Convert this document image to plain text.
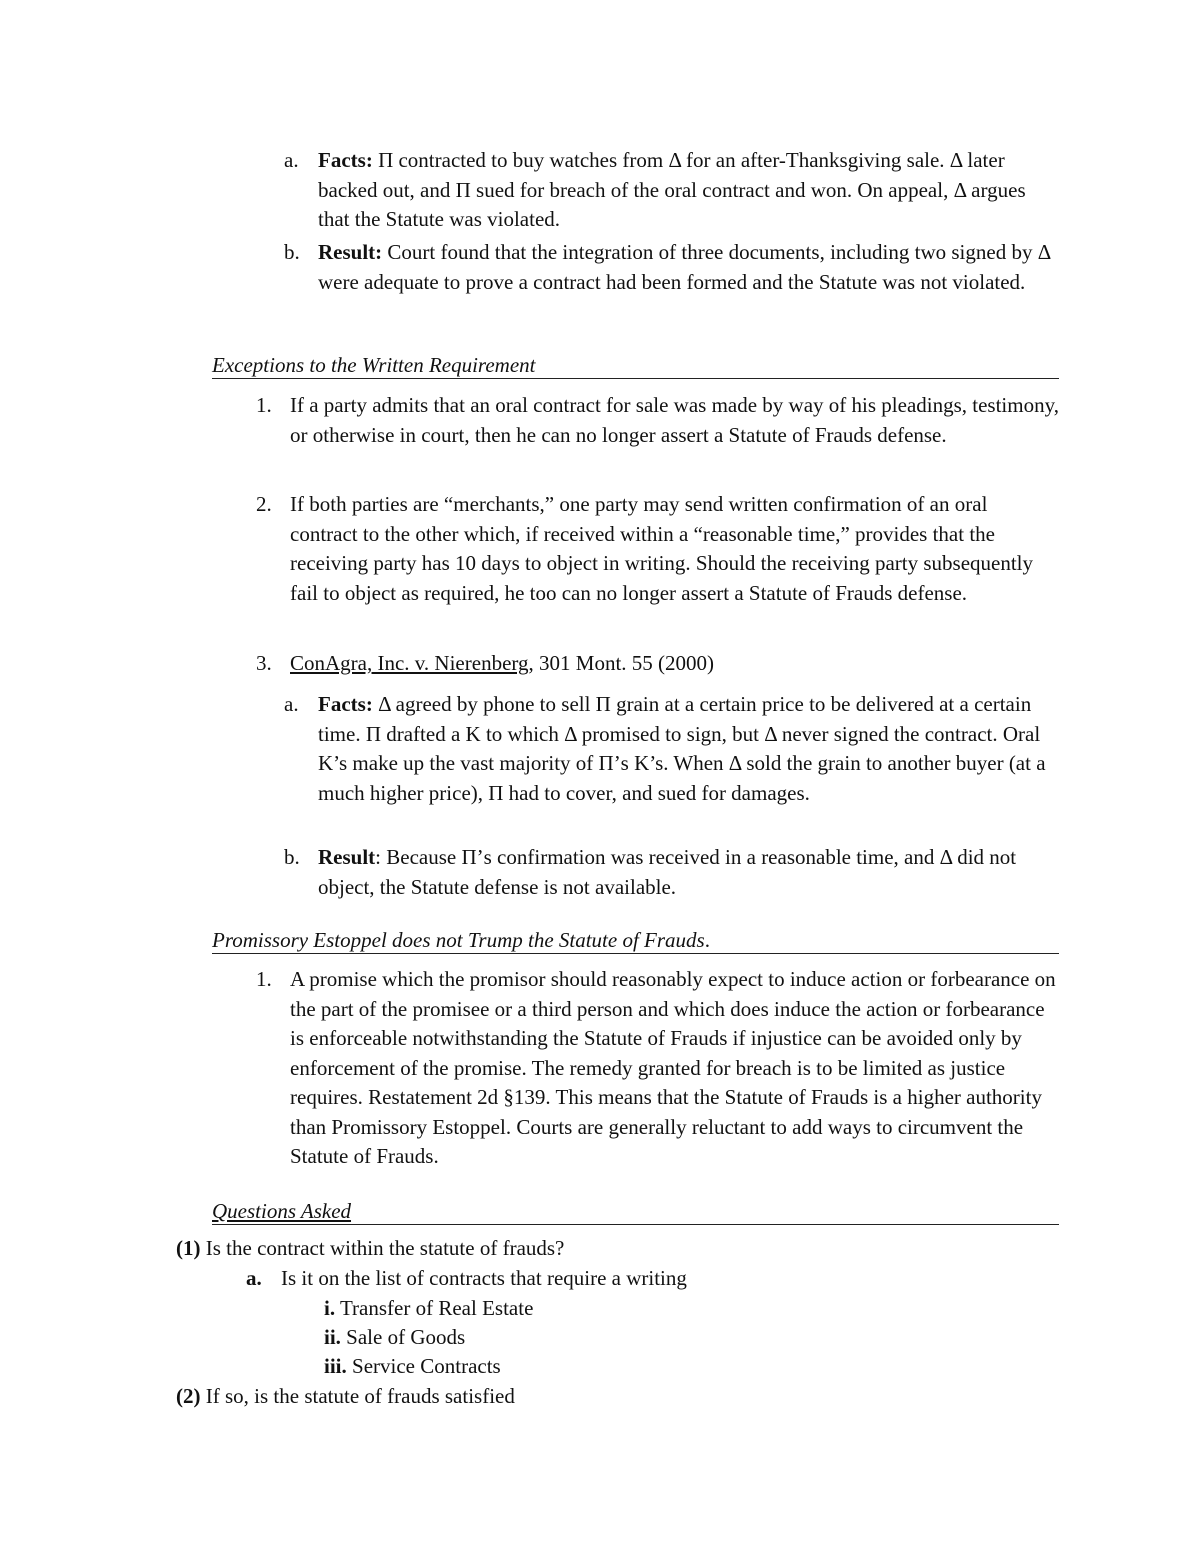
a. Facts: Π contracted to buy watches from Δ for an after-Thanksgiving sale. Δ later backed out, and Π sued for breach of the oral contract and won. On appeal, Δ argues that the Statute was violated.
b. Result: Court found that the integration of three documents, including two signed by Δ were adequate to prove a contract had been formed and the Statute was not violated.
Exceptions to the Written Requirement
1. If a party admits that an oral contract for sale was made by way of his pleadings, testimony, or otherwise in court, then he can no longer assert a Statute of Frauds defense.
2. If both parties are “merchants,” one party may send written confirmation of an oral contract to the other which, if received within a “reasonable time,” provides that the receiving party has 10 days to object in writing. Should the receiving party subsequently fail to object as required, he too can no longer assert a Statute of Frauds defense.
3. ConAgra, Inc. v. Nierenberg, 301 Mont. 55 (2000)
a. Facts: Δ agreed by phone to sell Π grain at a certain price to be delivered at a certain time. Π drafted a K to which Δ promised to sign, but Δ never signed the contract. Oral K’s make up the vast majority of Π’s K’s. When Δ sold the grain to another buyer (at a much higher price), Π had to cover, and sued for damages.
b. Result: Because Π’s confirmation was received in a reasonable time, and Δ did not object, the Statute defense is not available.
Promissory Estoppel does not Trump the Statute of Frauds.
1. A promise which the promisor should reasonably expect to induce action or forbearance on the part of the promisee or a third person and which does induce the action or forbearance is enforceable notwithstanding the Statute of Frauds if injustice can be avoided only by enforcement of the promise. The remedy granted for breach is to be limited as justice requires. Restatement 2d §139. This means that the Statute of Frauds is a higher authority than Promissory Estoppel. Courts are generally reluctant to add ways to circumvent the Statute of Frauds.
Questions Asked
(1) Is the contract within the statute of frauds?
a. Is it on the list of contracts that require a writing
i. Transfer of Real Estate
ii. Sale of Goods
iii. Service Contracts
(2) If so, is the statute of frauds satisfied
